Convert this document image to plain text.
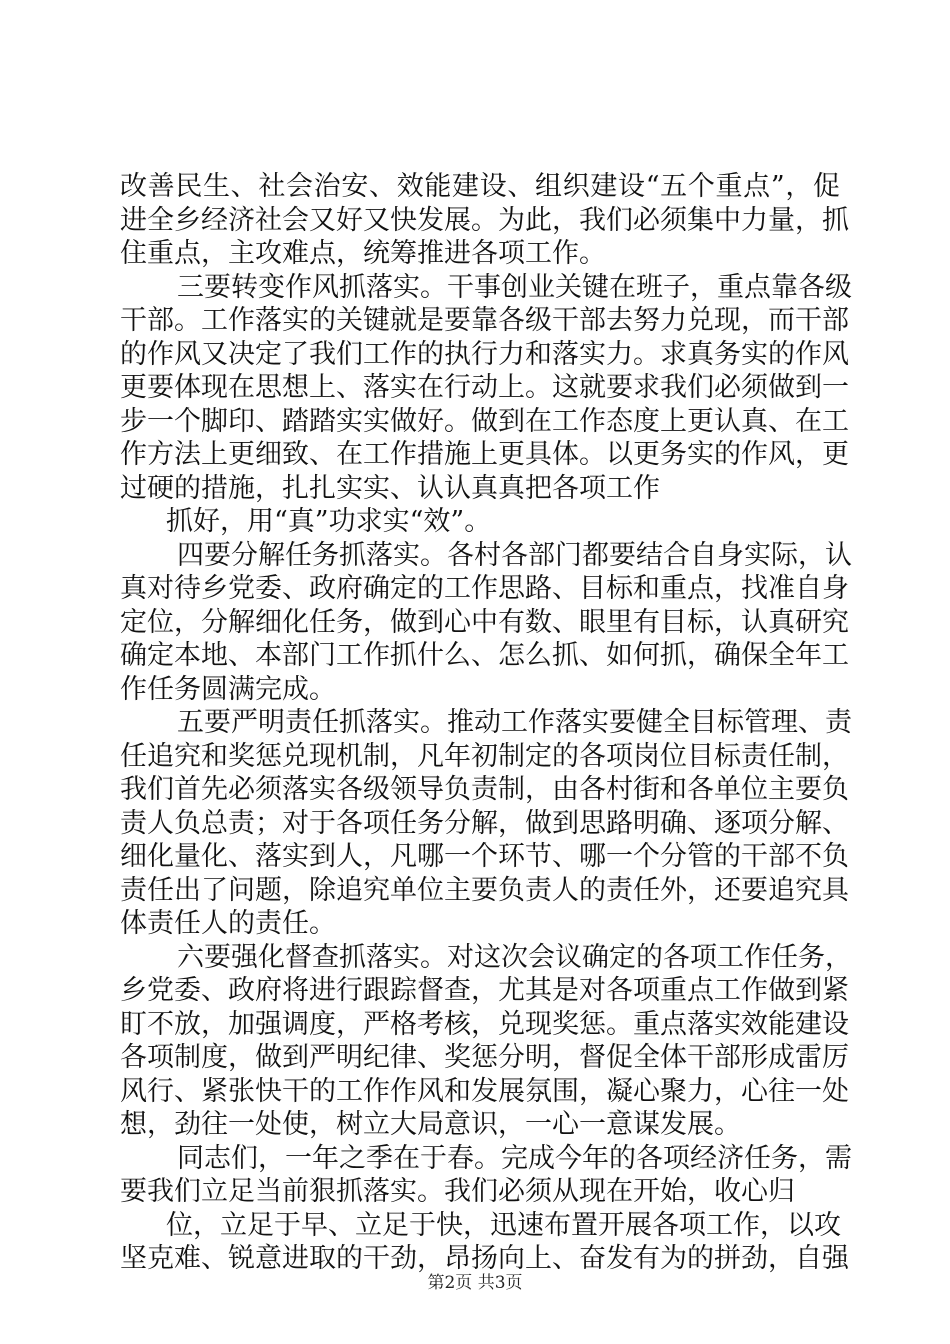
改善民生、社会治安、效能建设、组织建设“五个重点”，促
进全乡经济社会又好又快发展。为此，我们必须集中力量，抓
住重点，主攻难点，统筹推进各项工作。
三要转变作风抓落实。干事创业关键在班子，重点靠各级
干部。工作落实的关键就是要靠各级干部去努力兑现，而干部
的作风又决定了我们工作的执行力和落实力。求真务实的作风
更要体现在思想上、落实在行动上。这就要求我们必须做到一
步一个脚印、踏踏实实做好。做到在工作态度上更认真、在工
作方法上更细致、在工作措施上更具体。以更务实的作风，更
过硬的措施，扎扎实实、认认真真把各项工作
抓好，用“真”功求实“效”。
四要分解任务抓落实。各村各部门都要结合自身实际，认
真对待乡党委、政府确定的工作思路、目标和重点，找准自身
定位，分解细化任务，做到心中有数、眼里有目标，认真研究
确定本地、本部门工作抓什么、怎么抓、如何抓，确保全年工
作任务圆满完成。
五要严明责任抓落实。推动工作落实要健全目标管理、责
任追究和奖惩兑现机制，凡年初制定的各项岗位目标责任制，
我们首先必须落实各级领导负责制，由各村街和各单位主要负
责人负总责；对于各项任务分解，做到思路明确、逐项分解、
细化量化、落实到人，凡哪一个环节、哪一个分管的干部不负
责任出了问题，除追究单位主要负责人的责任外，还要追究具
体责任人的责任。
六要强化督查抓落实。对这次会议确定的各项工作任务，
乡党委、政府将进行跟踪督查，尤其是对各项重点工作做到紧
盯不放，加强调度，严格考核，兑现奖惩。重点落实效能建设
各项制度，做到严明纪律、奖惩分明，督促全体干部形成雷厉
风行、紧张快干的工作作风和发展氛围，凝心聚力，心往一处
想，劲往一处使，树立大局意识，一心一意谋发展。
同志们，一年之季在于春。完成今年的各项经济任务，需
要我们立足当前狠抓落实。我们必须从现在开始，收心归
位，立足于早、立足于快，迅速布置开展各项工作，以攻
坚克难、锐意进取的干劲，昂扬向上、奋发有为的拼劲，自强
第2页 共3页
